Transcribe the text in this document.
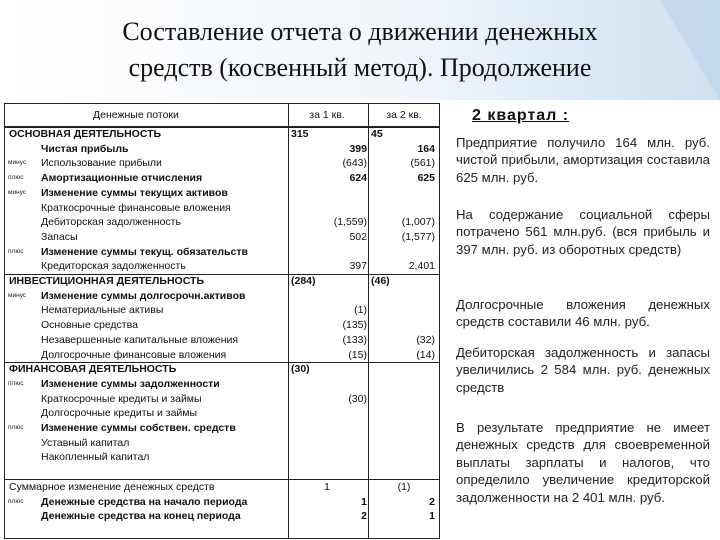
Составление отчета о движении денежных
средств (косвенный метод). Продолжение
Денежные потоки	за 1 кв.	за 2 кв.
ОСНОВНАЯ ДЕЯТЕЛЬНОСТЬ	315	45
Чистая прибыль	399	164
минус Использование прибыли	(643)	(561)
плюс Амортизационные отчисления	624	625
минус Изменение суммы текущих активов
Краткосрочные финансовые вложения
Дебиторская задолженность	(1,559)	(1,007)
Запасы	502	(1,577)
плюс Изменение суммы текущ. обязательств
Кредиторская задолженность	397	2,401
ИНВЕСТИЦИОННАЯ ДЕЯТЕЛЬНОСТЬ	(284)	(46)
минус Изменение суммы долгосрочн.активов
Нематериальные активы	(1)
Основные средства	(135)
Незавершенные капитальные вложения	(133)	(32)
Долгосрочные финансовые вложения	(15)	(14)
ФИНАНСОВАЯ ДЕЯТЕЛЬНОСТЬ	(30)
плюс Изменение суммы задолженности
Краткосрочные кредиты и займы	(30)
Долгосрочные кредиты и займы
плюс Изменение суммы собствен. средств
Уставный капитал
Накопленный капитал
Суммарное изменение денежных средств	1	(1)
плюс Денежные средства на начало периода	1	2
Денежные средства на конец периода	2	1
2 квартал :
Предприятие получило 164 млн. руб. чистой прибыли, амортизация составила 625 млн. руб.
На содержание социальной сферы потрачено 561 млн.руб. (вся прибыль и 397 млн. руб. из оборотных средств)
Долгосрочные вложения денежных средств составили 46 млн. руб.
Дебиторская задолженность и запасы увеличились 2 584 млн. руб. денежных средств
В результате предприятие не имеет денежных средств для своевременной выплаты зарплаты и налогов, что определило увеличение кредиторской задолженности на 2 401 млн. руб.
